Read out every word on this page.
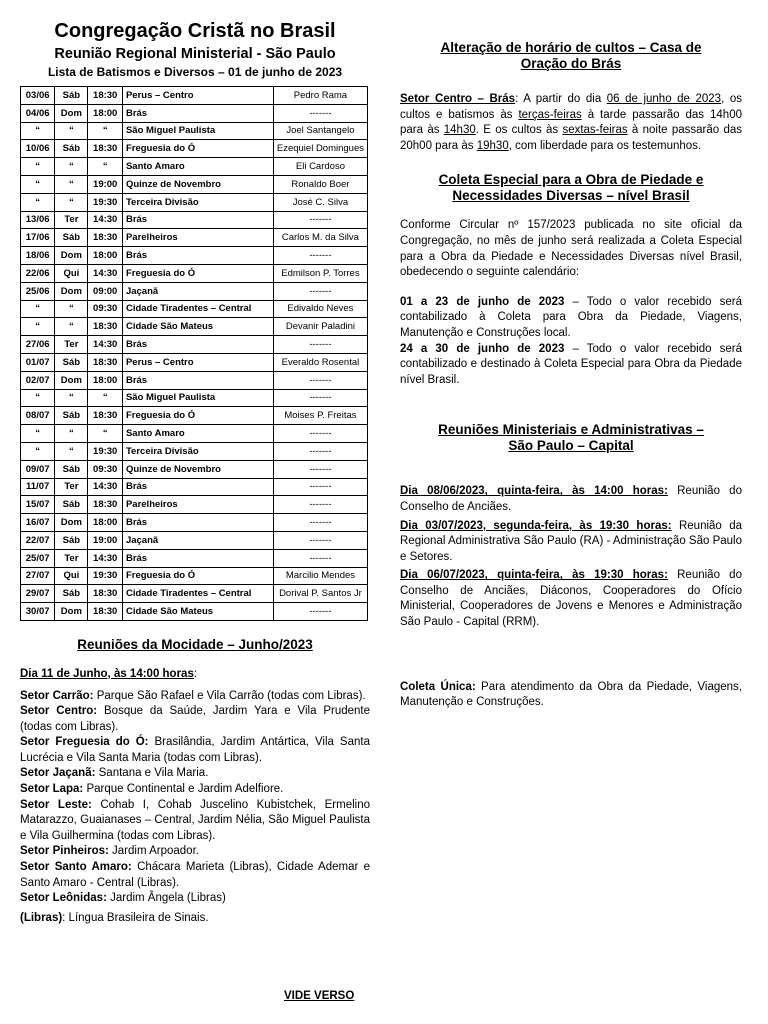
Congregação Cristã no Brasil
Reunião Regional Ministerial - São Paulo
Lista de Batismos e Diversos – 01 de junho de 2023
03/06	Sáb	18:30	Perus – Centro	Pedro Rama
04/06	Dom	18:00	Brás	-------
“	“	“	São Miguel Paulista	Joel Santangelo
10/06	Sáb	18:30	Freguesia do Ó	Ezequiel Domingues
“	“	“	Santo Amaro	Eli Cardoso
“	“	19:00	Quinze de Novembro	Ronaldo Boer
“	“	19:30	Terceira Divisão	José C. Silva
13/06	Ter	14:30	Brás	-------
17/06	Sáb	18:30	Parelheiros	Carlos M. da Silva
18/06	Dom	18:00	Brás	-------
22/06	Qui	14:30	Freguesia do Ó	Edmilson P. Torres
25/06	Dom	09:00	Jaçanã	-------
“	“	09:30	Cidade Tiradentes – Central	Edivaldo Neves
“	“	18:30	Cidade São Mateus	Devanir Paladini
27/06	Ter	14:30	Brás	-------
01/07	Sáb	18:30	Perus – Centro	Everaldo Rosental
02/07	Dom	18:00	Brás	-------
“	“	“	São Miguel Paulista	-------
08/07	Sáb	18:30	Freguesia do Ó	Moises P. Freitas
“	“	“	Santo Amaro	-------
“	“	19:30	Terceira Divisão	-------
09/07	Sáb	09:30	Quinze de Novembro	-------
11/07	Ter	14:30	Brás	-------
15/07	Sáb	18:30	Parelheiros	-------
16/07	Dom	18:00	Brás	-------
22/07	Sáb	19:00	Jaçanã	-------
25/07	Ter	14:30	Brás	-------
27/07	Qui	19:30	Freguesia do Ó	Marcilio Mendes
29/07	Sáb	18:30	Cidade Tiradentes – Central	Dorival P. Santos Jr
30/07	Dom	18:30	Cidade São Mateus	-------
Reuniões da Mocidade – Junho/2023

Dia 11 de Junho, às 14:00 horas:

Setor Carrão: Parque São Rafael e Vila Carrão (todas com Libras).

Setor Centro: Bosque da Saúde, Jardim Yara e Vila Prudente (todas com Libras).

Setor Freguesia do Ó: Brasilândia, Jardim Antártica, Vila Santa Lucrécia e Vila Santa Maria (todas com Libras).

Setor Jaçanã: Santana e Vila Maria.

Setor Lapa: Parque Continental e Jardim Adelfiore.

Setor Leste: Cohab I, Cohab Juscelino Kubistchek, Ermelino Matarazzo, Guaianases – Central, Jardim Nélia, São Miguel Paulista e Vila Guilhermina (todas com Libras).

Setor Pinheiros: Jardim Arpoador.

Setor Santo Amaro: Chácara Marieta (Libras), Cidade Ademar e Santo Amaro - Central (Libras).

Setor Leônidas: Jardim Ângela (Libras)

(Libras): Língua Brasileira de Sinais.

Alteração de horário de cultos – Casa de
Oração do Brás

Setor Centro – Brás: A partir do dia 06 de junho de 2023, os cultos e batismos às terças-feiras à tarde passarão das 14h00 para às 14h30. E os cultos às sextas-feiras à noite passarão das 20h00 para às 19h30, com liberdade para os testemunhos.

Coleta Especial para a Obra de Piedade e
Necessidades Diversas – nível Brasil

Conforme Circular nº 157/2023 publicada no site oficial da Congregação, no mês de junho será realizada a Coleta Especial para a Obra da Piedade e Necessidades Diversas nível Brasil, obedecendo o seguinte calendário:

01 a 23 de junho de 2023 – Todo o valor recebido será contabilizado à Coleta para Obra da Piedade, Viagens, Manutenção e Construções local.

24 a 30 de junho de 2023 – Todo o valor recebido será contabilizado e destinado à Coleta Especial para Obra da Piedade nível Brasil.

Reuniões Ministeriais e Administrativas –
São Paulo – Capital

Dia 08/06/2023, quinta-feira, às 14:00 horas: Reunião do Conselho de Anciães.

Dia 03/07/2023, segunda-feira, às 19:30 horas: Reunião da Regional Administrativa São Paulo (RA) - Administração São Paulo e Setores.

Dia 06/07/2023, quinta-feira, às 19:30 horas: Reunião do Conselho de Anciães, Diáconos, Cooperadores do Ofício Ministerial, Cooperadores de Jovens e Menores e Administração São Paulo - Capital (RRM).

Coleta Única: Para atendimento da Obra da Piedade, Viagens, Manutenção e Construções.

VIDE VERSO
